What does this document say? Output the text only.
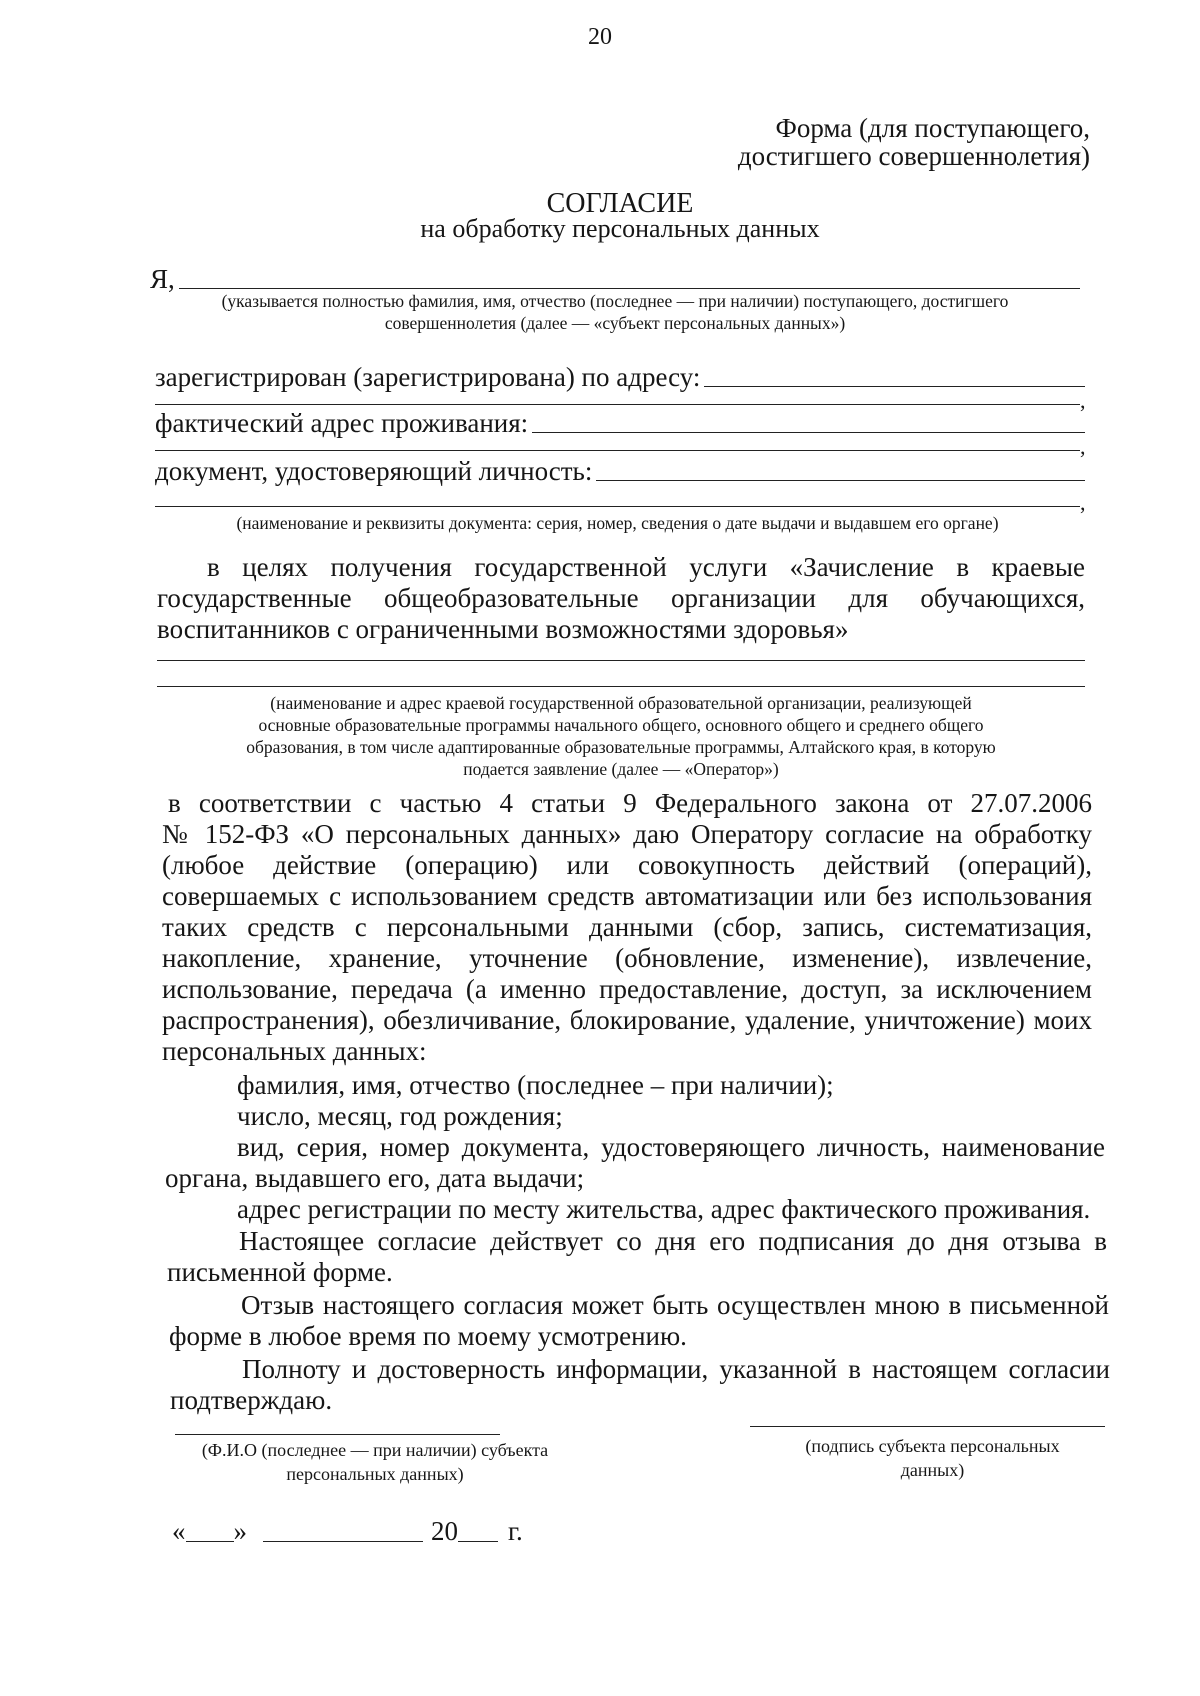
20
Форма (для поступающего,
достигшего совершеннолетия)
СОГЛАСИЕ
на обработку персональных данных
Я,
(указывается полностью фамилия, имя, отчество (последнее — при наличии) поступающего, достигшего
совершеннолетия (далее — «субъект персональных данных»)
зарегистрирован (зарегистрирована) по адресу:
,
фактический адрес проживания:
,
документ, удостоверяющий личность:
,
(наименование и реквизиты документа: серия, номер, сведения о дате выдачи и выдавшем его органе)
в целях получения государственной услуги «Зачисление в краевые
государственные общеобразовательные организации для обучающихся,
воспитанников с ограниченными возможностями здоровья»
(наименование и адрес краевой государственной образовательной организации, реализующей
основные образовательные программы начального общего, основного общего и среднего общего
образования, в том числе адаптированные образовательные программы, Алтайского края, в которую
подается заявление (далее — «Оператор»)
в соответствии с частью 4 статьи 9 Федерального закона от 27.07.2006
№ 152-ФЗ «О персональных данных» даю Оператору согласие на обработку
(любое действие (операцию) или совокупность действий (операций),
совершаемых с использованием средств автоматизации или без использования
таких средств с персональными данными (сбор, запись, систематизация,
накопление, хранение, уточнение (обновление, изменение), извлечение,
использование, передача (а именно предоставление, доступ, за исключением
распространения), обезличивание, блокирование, удаление, уничтожение) моих
персональных данных:
фамилия, имя, отчество (последнее – при наличии);
число, месяц, год рождения;
вид, серия, номер документа, удостоверяющего личность, наименование
органа, выдавшего его, дата выдачи;
адрес регистрации по месту жительства, адрес фактического проживания.
Настоящее согласие действует со дня его подписания до дня отзыва в
письменной форме.
Отзыв настоящего согласия может быть осуществлен мною в письменной
форме в любое время по моему усмотрению.
Полноту и достоверность информации, указанной в настоящем согласии
подтверждаю.
(Ф.И.О (последнее — при наличии) субъекта
персональных данных)
(подпись субъекта персональных
данных)
« »	20 г.
